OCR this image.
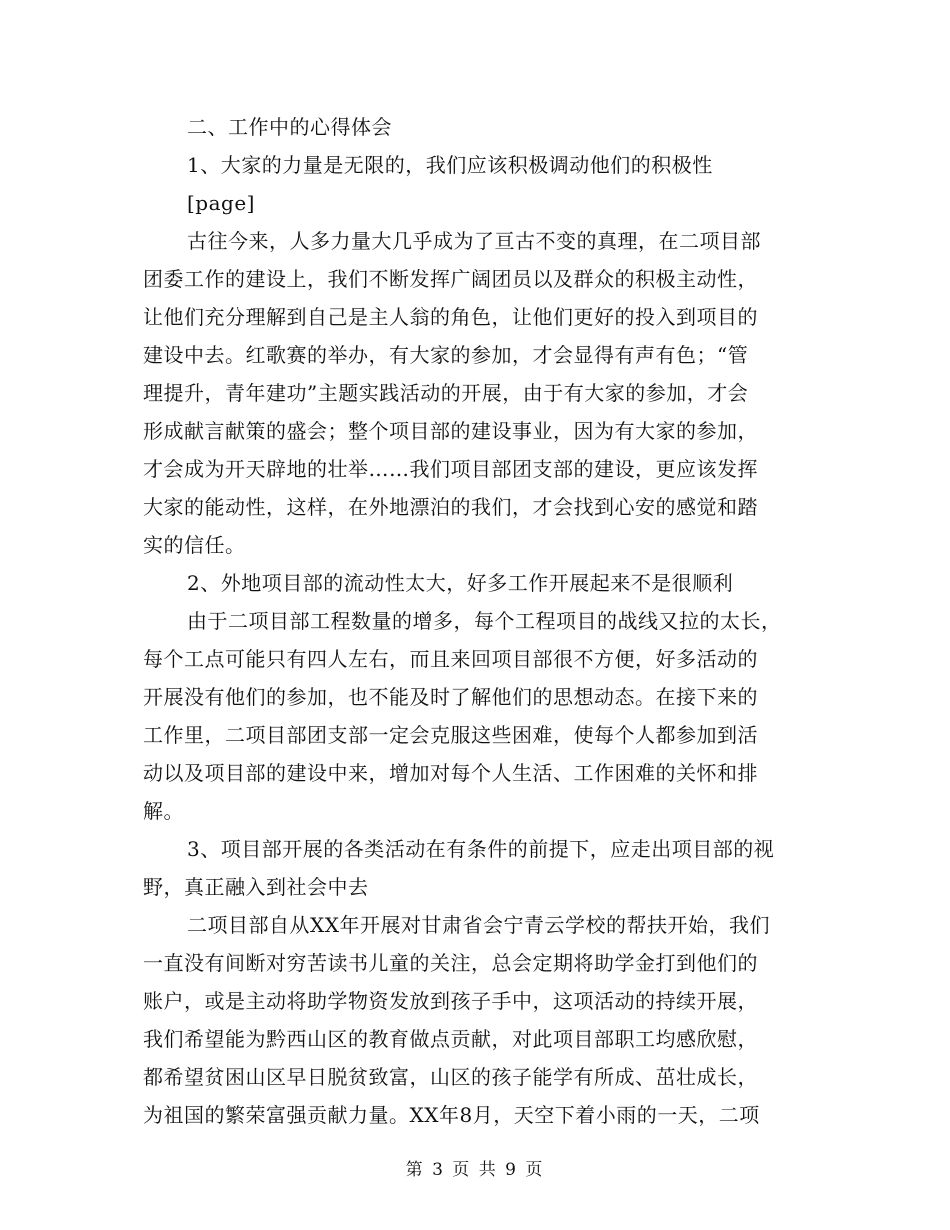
二、工作中的心得体会
1、大家的力量是无限的，我们应该积极调动他们的积极性
[page]
古往今来，人多力量大几乎成为了亘古不变的真理，在二项目部
团委工作的建设上，我们不断发挥广阔团员以及群众的积极主动性，
让他们充分理解到自己是主人翁的角色，让他们更好的投入到项目的
建设中去。红歌赛的举办，有大家的参加，才会显得有声有色；“管
理提升，青年建功”主题实践活动的开展，由于有大家的参加，才会
形成献言献策的盛会；整个项目部的建设事业，因为有大家的参加，
才会成为开天辟地的壮举……我们项目部团支部的建设，更应该发挥
大家的能动性，这样，在外地漂泊的我们，才会找到心安的感觉和踏
实的信任。
2、外地项目部的流动性太大，好多工作开展起来不是很顺利
由于二项目部工程数量的增多，每个工程项目的战线又拉的太长，
每个工点可能只有四人左右，而且来回项目部很不方便，好多活动的
开展没有他们的参加，也不能及时了解他们的思想动态。在接下来的
工作里，二项目部团支部一定会克服这些困难，使每个人都参加到活
动以及项目部的建设中来，增加对每个人生活、工作困难的关怀和排
解。
3、项目部开展的各类活动在有条件的前提下，应走出项目部的视
野，真正融入到社会中去
二项目部自从XX年开展对甘肃省会宁青云学校的帮扶开始，我们
一直没有间断对穷苦读书儿童的关注，总会定期将助学金打到他们的
账户，或是主动将助学物资发放到孩子手中，这项活动的持续开展，
我们希望能为黔西山区的教育做点贡献，对此项目部职工均感欣慰，
都希望贫困山区早日脱贫致富，山区的孩子能学有所成、茁壮成长，
为祖国的繁荣富强贡献力量。XX年8月，天空下着小雨的一天，二项
第 3 页 共 9 页
